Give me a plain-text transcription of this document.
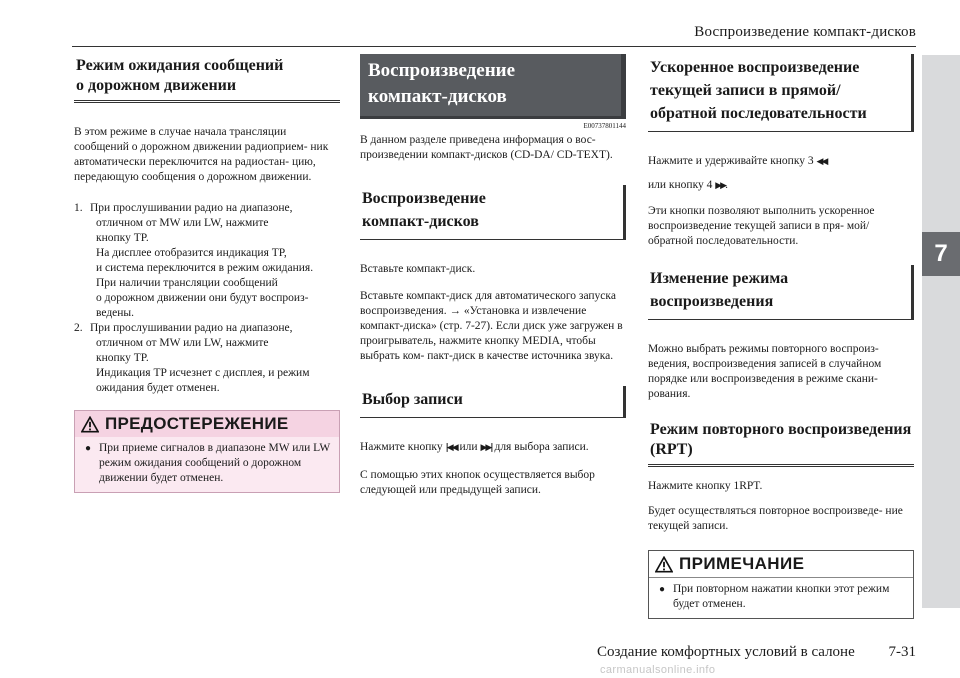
Воспроизведение компакт-дисков
7
Режим ожидания сообщений
о дорожном движении

В этом режиме в случае начала трансляции сообщений о дорожном движении радиоприем- ник автоматически переключится на радиостан- цию, передающую сообщения о дорожном движении.

1. При прослушивании радио на диапазоне,
отличном от MW или LW, нажмите
кнопку TP.
На дисплее отобразится индикация TP,
и система переключится в режим ожидания.
При наличии трансляции сообщений
о дорожном движении они будут воспроиз-
ведены.
2. При прослушивании радио на диапазоне,
отличном от MW или LW, нажмите
кнопку TP.
Индикация TP исчезнет с дисплея, и режим
ожидания будет отменен.
ПРЕДОСТЕРЕЖЕНИЕ
● При приеме сигналов в диапазоне MW или LW режим ожидания сообщений о дорожном движении будет отменен.
Воспроизведение
компакт-дисков
E00737801144

В данном разделе приведена информация о вос- произведении компакт-дисков (CD-DA/ CD-TEXT).

Воспроизведение
компакт-дисков

Вставьте компакт-диск.

Вставьте компакт-диск для автоматического запуска воспроизведения. → «Установка и извлечение компакт-диска» (стр. 7-27). Если диск уже загружен в проигрыватель, нажмите кнопку MEDIA, чтобы выбрать ком- пакт-диск в качестве источника звука.

Выбор записи

Нажмите кнопку |◀◀ или ▶▶| для выбора записи.

С помощью этих кнопок осуществляется выбор следующей или предыдущей записи.

Ускоренное воспроизведение
текущей записи в прямой/
обратной последовательности

Нажмите и удерживайте кнопку 3 ◀◀

или кнопку 4 ▶▶.

Эти кнопки позволяют выполнить ускоренное воспроизведение текущей записи в пря- мой/обратной последовательности.

Изменение режима
воспроизведения

Можно выбрать режимы повторного воспроиз- ведения, воспроизведения записей в случайном порядке или воспроизведения в режиме скани- рования.

Режим повторного воспроизведения
(RPT)

Нажмите кнопку 1RPT.

Будет осуществляться повторное воспроизведе- ние текущей записи.

ПРИМЕЧАНИЕ
● При повторном нажатии кнопки этот режим будет отменен.
Создание комфортных условий в салоне 7-31
carmanualsonline.info
